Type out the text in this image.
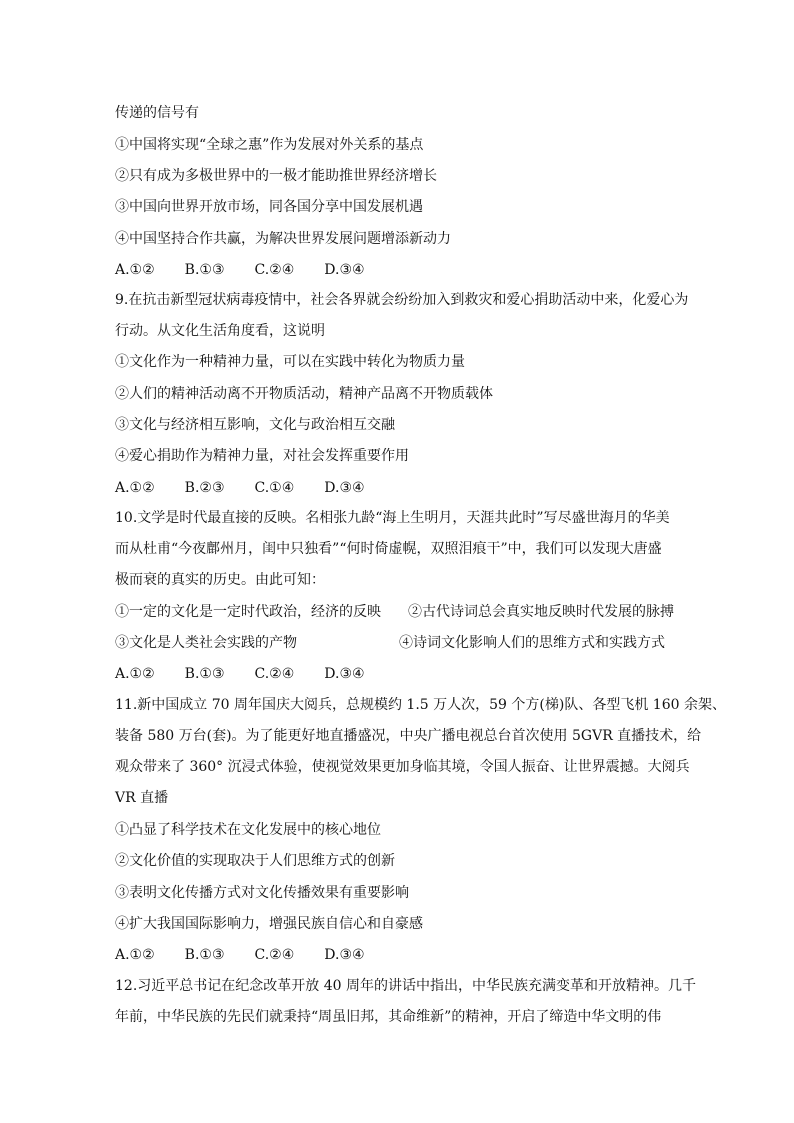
传递的信号有
①中国将实现“全球之惠”作为发展对外关系的基点
②只有成为多极世界中的一极才能助推世界经济增长
③中国向世界开放市场，同各国分享中国发展机遇
④中国坚持合作共赢，为解决世界发展问题增添新动力
A.①② B.①③ C.②④ D.③④
9.在抗击新型冠状病毒疫情中，社会各界就会纷纷加入到救灾和爱心捐助活动中来，化爱心为
行动。从文化生活角度看，这说明
①文化作为一种精神力量，可以在实践中转化为物质力量
②人们的精神活动离不开物质活动，精神产品离不开物质载体
③文化与经济相互影响，文化与政治相互交融
④爱心捐助作为精神力量，对社会发挥重要作用
A.①② B.②③ C.①④ D.③④
10.文学是时代最直接的反映。名相张九龄“海上生明月，天涯共此时”写尽盛世海月的华美
而从杜甫“今夜鄜州月，闺中只独看”“何时倚虚幌，双照泪痕干”中，我们可以发现大唐盛
极而衰的真实的历史。由此可知：
①一定的文化是一定时代政治，经济的反映 ②古代诗词总会真实地反映时代发展的脉搏
③文化是人类社会实践的产物	④诗词文化影响人们的思维方式和实践方式
A.①② B.①③ C.②④ D.③④
11.新中国成立 70 周年国庆大阅兵，总规模约 1.5 万人次，59 个方(梯)队、各型飞机 160 余架、
装备 580 万台(套)。为了能更好地直播盛况，中央广播电视总台首次使用 5GVR 直播技术，给
观众带来了 360° 沉浸式体验，使视觉效果更加身临其境，令国人振奋、让世界震撼。大阅兵
VR 直播
①凸显了科学技术在文化发展中的核心地位
②文化价值的实现取决于人们思维方式的创新
③表明文化传播方式对文化传播效果有重要影响
④扩大我国国际影响力，增强民族自信心和自豪感
A.①② B.①③ C.②④ D.③④
12.习近平总书记在纪念改革开放 40 周年的讲话中指出，中华民族充满变革和开放精神。几千
年前，中华民族的先民们就秉持“周虽旧邦，其命维新”的精神，开启了缔造中华文明的伟
